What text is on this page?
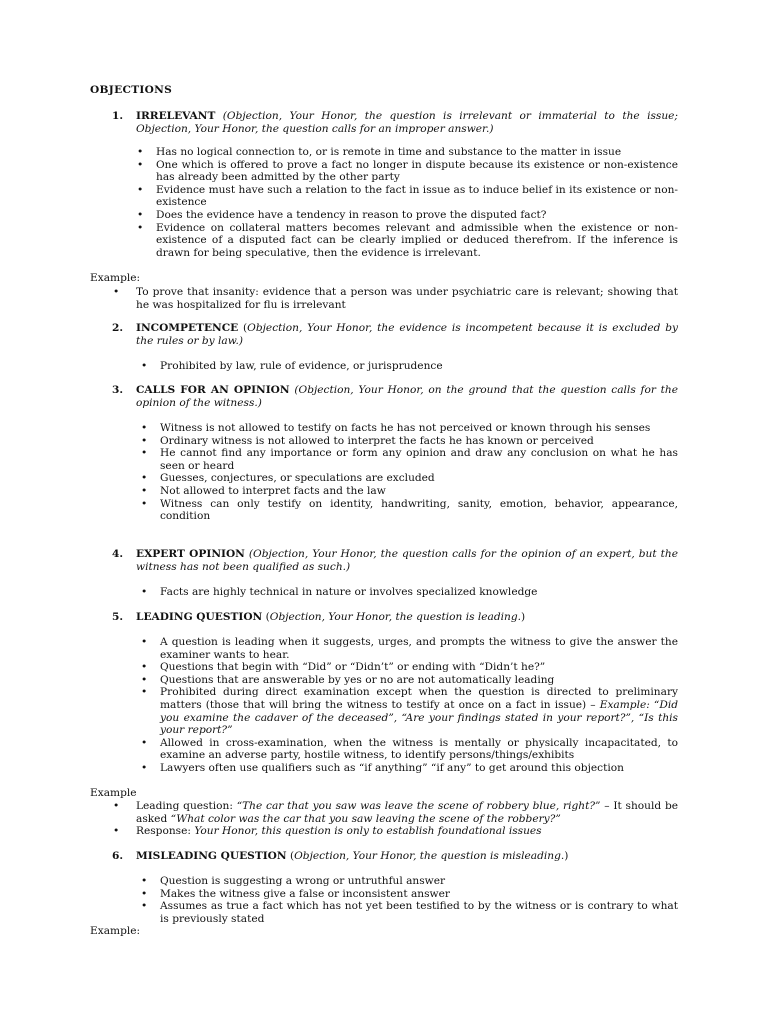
OBJECTIONS
1.	IRRELEVANT (Objection, Your Honor, the question is irrelevant or immaterial to the issue; Objection, Your Honor, the question calls for an improper answer.)
• Has no logical connection to, or is remote in time and substance to the matter in issue
• One which is offered to prove a fact no longer in dispute because its existence or non-existence has already been admitted by the other party
• Evidence must have such a relation to the fact in issue as to induce belief in its existence or non-existence
• Does the evidence have a tendency in reason to prove the disputed fact?
• Evidence on collateral matters becomes relevant and admissible when the existence or non-existence of a disputed fact can be clearly implied or deduced therefrom. If the inference is drawn for being speculative, then the evidence is irrelevant.
Example:
• To prove that insanity: evidence that a person was under psychiatric care is relevant; showing that he was hospitalized for flu is irrelevant
2.	INCOMPETENCE (Objection, Your Honor, the evidence is incompetent because it is excluded by the rules or by law.)
• Prohibited by law, rule of evidence, or jurisprudence
3.	CALLS FOR AN OPINION (Objection, Your Honor, on the ground that the question calls for the opinion of the witness.)
• Witness is not allowed to testify on facts he has not perceived or known through his senses
• Ordinary witness is not allowed to interpret the facts he has known or perceived
• He cannot find any importance or form any opinion and draw any conclusion on what he has seen or heard
• Guesses, conjectures, or speculations are excluded
• Not allowed to interpret facts and the law
• Witness can only testify on identity, handwriting, sanity, emotion, behavior, appearance, condition
4.	EXPERT OPINION (Objection, Your Honor, the question calls for the opinion of an expert, but the witness has not been qualified as such.)
• Facts are highly technical in nature or involves specialized knowledge
5.	LEADING QUESTION (Objection, Your Honor, the question is leading.)
• A question is leading when it suggests, urges, and prompts the witness to give the answer the examiner wants to hear.
• Questions that begin with “Did” or “Didn’t” or ending with “Didn’t he?”
• Questions that are answerable by yes or no are not automatically leading
• Prohibited during direct examination except when the question is directed to preliminary matters (those that will bring the witness to testify at once on a fact in issue) – Example: “Did you examine the cadaver of the deceased”, “Are your findings stated in your report?”, “Is this your report?”
• Allowed in cross-examination, when the witness is mentally or physically incapacitated, to examine an adverse party, hostile witness, to identify persons/things/exhibits
• Lawyers often use qualifiers such as “if anything” “if any” to get around this objection
Example
• Leading question: “The car that you saw was leave the scene of robbery blue, right?” – It should be asked “What color was the car that you saw leaving the scene of the robbery?”
• Response: Your Honor, this question is only to establish foundational issues
6.	MISLEADING QUESTION (Objection, Your Honor, the question is misleading.)
• Question is suggesting a wrong or untruthful answer
• Makes the witness give a false or inconsistent answer
• Assumes as true a fact which has not yet been testified to by the witness or is contrary to what is previously stated
Example:
